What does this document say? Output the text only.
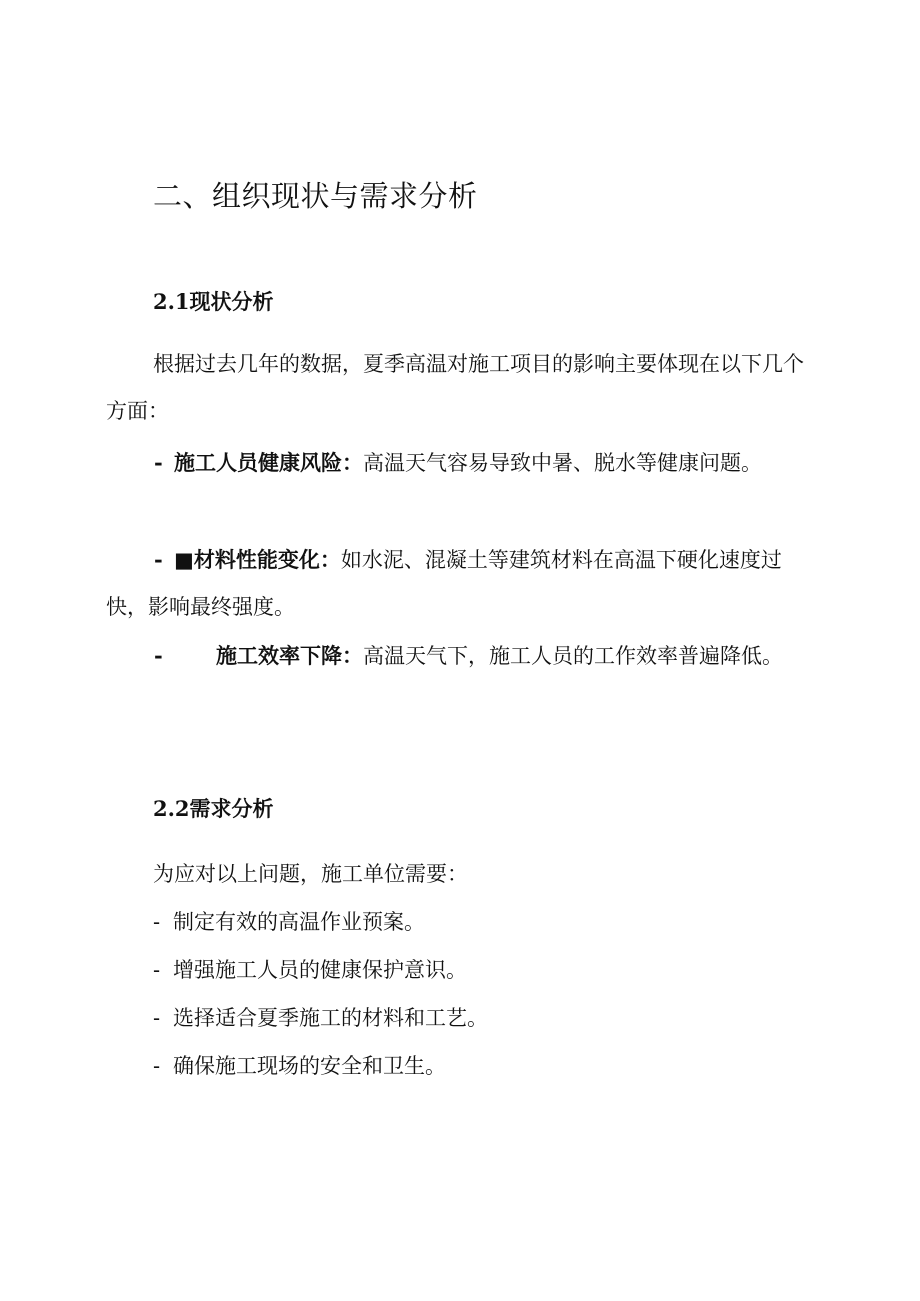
二、组织现状与需求分析
2.1现状分析

根据过去几年的数据，夏季高温对施工项目的影响主要体现在以下几个方面：

- 施工人员健康风险：高温天气容易导致中暑、脱水等健康问题。

- ■材料性能变化：如水泥、混凝土等建筑材料在高温下硬化速度过快，影响最终强度。

-	施工效率下降：高温天气下，施工人员的工作效率普遍降低。

2.2需求分析

为应对以上问题，施工单位需要：

- 制定有效的高温作业预案。

- 增强施工人员的健康保护意识。

- 选择适合夏季施工的材料和工艺。

- 确保施工现场的安全和卫生。
